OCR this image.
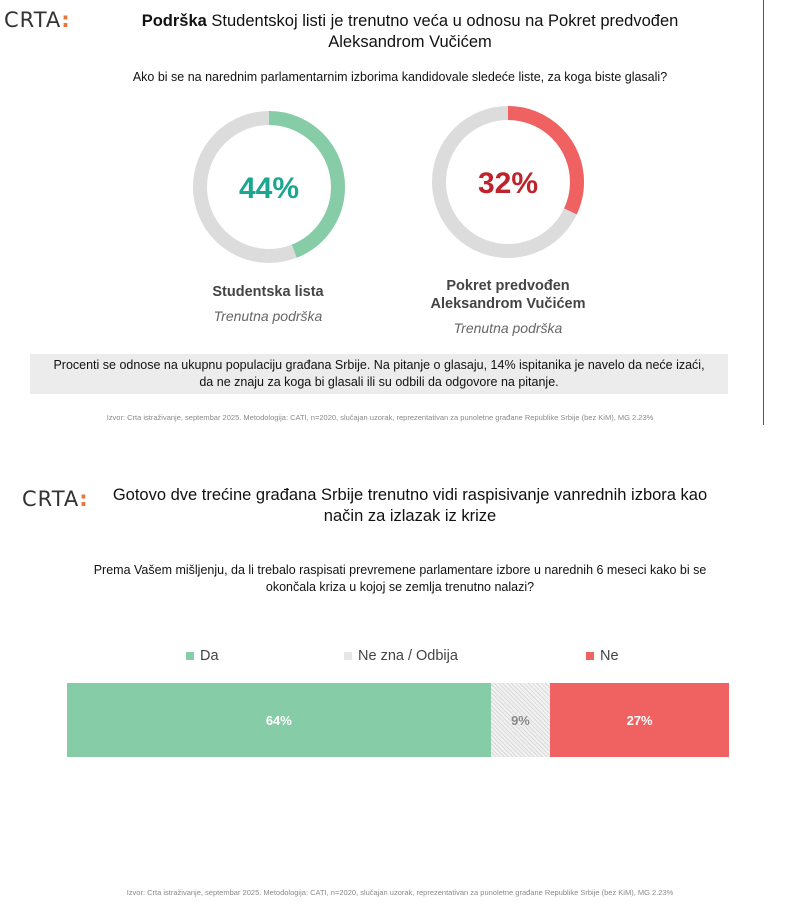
CRTA:	Podrška Studentskoj listi je trenutno veća u odnosu na Pokret predvođen
Aleksandrom Vučićem
Ako bi se na narednim parlamentarnim izborima kandidovale sledeće liste, za koga biste glasali?
44%	32%
Studentska lista
Trenutna podrška
Pokret predvođen
Aleksandrom Vučićem
Trenutna podrška
Procenti se odnose na ukupnu populaciju građana Srbije. Na pitanje o glasaju, 14% ispitanika je navelo da neće izaći,
da ne znaju za koga bi glasali ili su odbili da odgovore na pitanje.
Izvor: Crta istraživanje, septembar 2025. Metodologija: CATI, n=2020, slučajan uzorak, reprezentativan za punoletne građane Republike Srbije (bez KiM), MG 2.23%
CRTA:	Gotovo dve trećine građana Srbije trenutno vidi raspisivanje vanrednih izbora kao
način za izlazak iz krize
Prema Vašem mišljenju, da li trebalo raspisati prevremene parlamentare izbore u narednih 6 meseci kako bi se
okončala kriza u kojoj se zemlja trenutno nalazi?
Da	Ne zna / Odbija	Ne
64%	9%	27%
Izvor: Crta istraživanje, septembar 2025. Metodologija: CATI, n=2020, slučajan uzorak, reprezentativan za punoletne građane Republike Srbije (bez KiM), MG 2.23%
